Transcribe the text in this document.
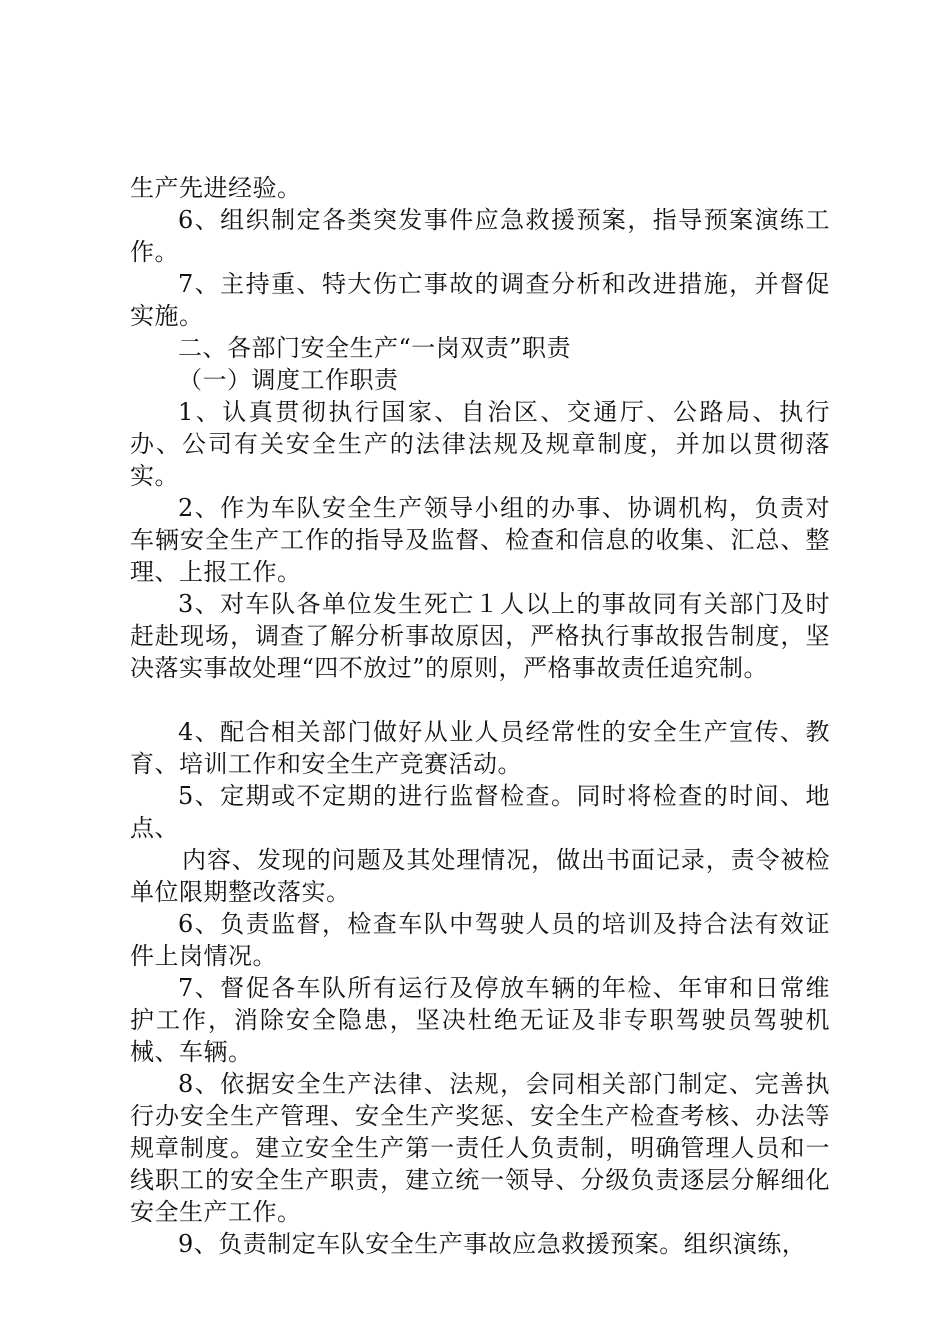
生产先进经验。

6、组织制定各类突发事件应急救援预案，指导预案演练工作。

7、主持重、特大伤亡事故的调查分析和改进措施，并督促实施。

二、各部门安全生产“一岗双责”职责

（一）调度工作职责

1、认真贯彻执行国家、自治区、交通厅、公路局、执行办、公司有关安全生产的法律法规及规章制度，并加以贯彻落实。

2、作为车队安全生产领导小组的办事、协调机构，负责对车辆安全生产工作的指导及监督、检查和信息的收集、汇总、整理、上报工作。

3、对车队各单位发生死亡１人以上的事故同有关部门及时赶赴现场，调查了解分析事故原因，严格执行事故报告制度，坚决落实事故处理“四不放过”的原则，严格事故责任追究制。

4、配合相关部门做好从业人员经常性的安全生产宣传、教育、培训工作和安全生产竞赛活动。

5、定期或不定期的进行监督检查。同时将检查的时间、地点、

内容、发现的问题及其处理情况，做出书面记录，责令被检单位限期整改落实。

6、负责监督，检查车队中驾驶人员的培训及持合法有效证件上岗情况。

7、督促各车队所有运行及停放车辆的年检、年审和日常维护工作，消除安全隐患，坚决杜绝无证及非专职驾驶员驾驶机械、车辆。

8、依据安全生产法律、法规，会同相关部门制定、完善执行办安全生产管理、安全生产奖惩、安全生产检查考核、办法等规章制度。建立安全生产第一责任人负责制，明确管理人员和一线职工的安全生产职责，建立统一领导、分级负责逐层分解细化安全生产工作。

9、负责制定车队安全生产事故应急救援预案。组织演练，
